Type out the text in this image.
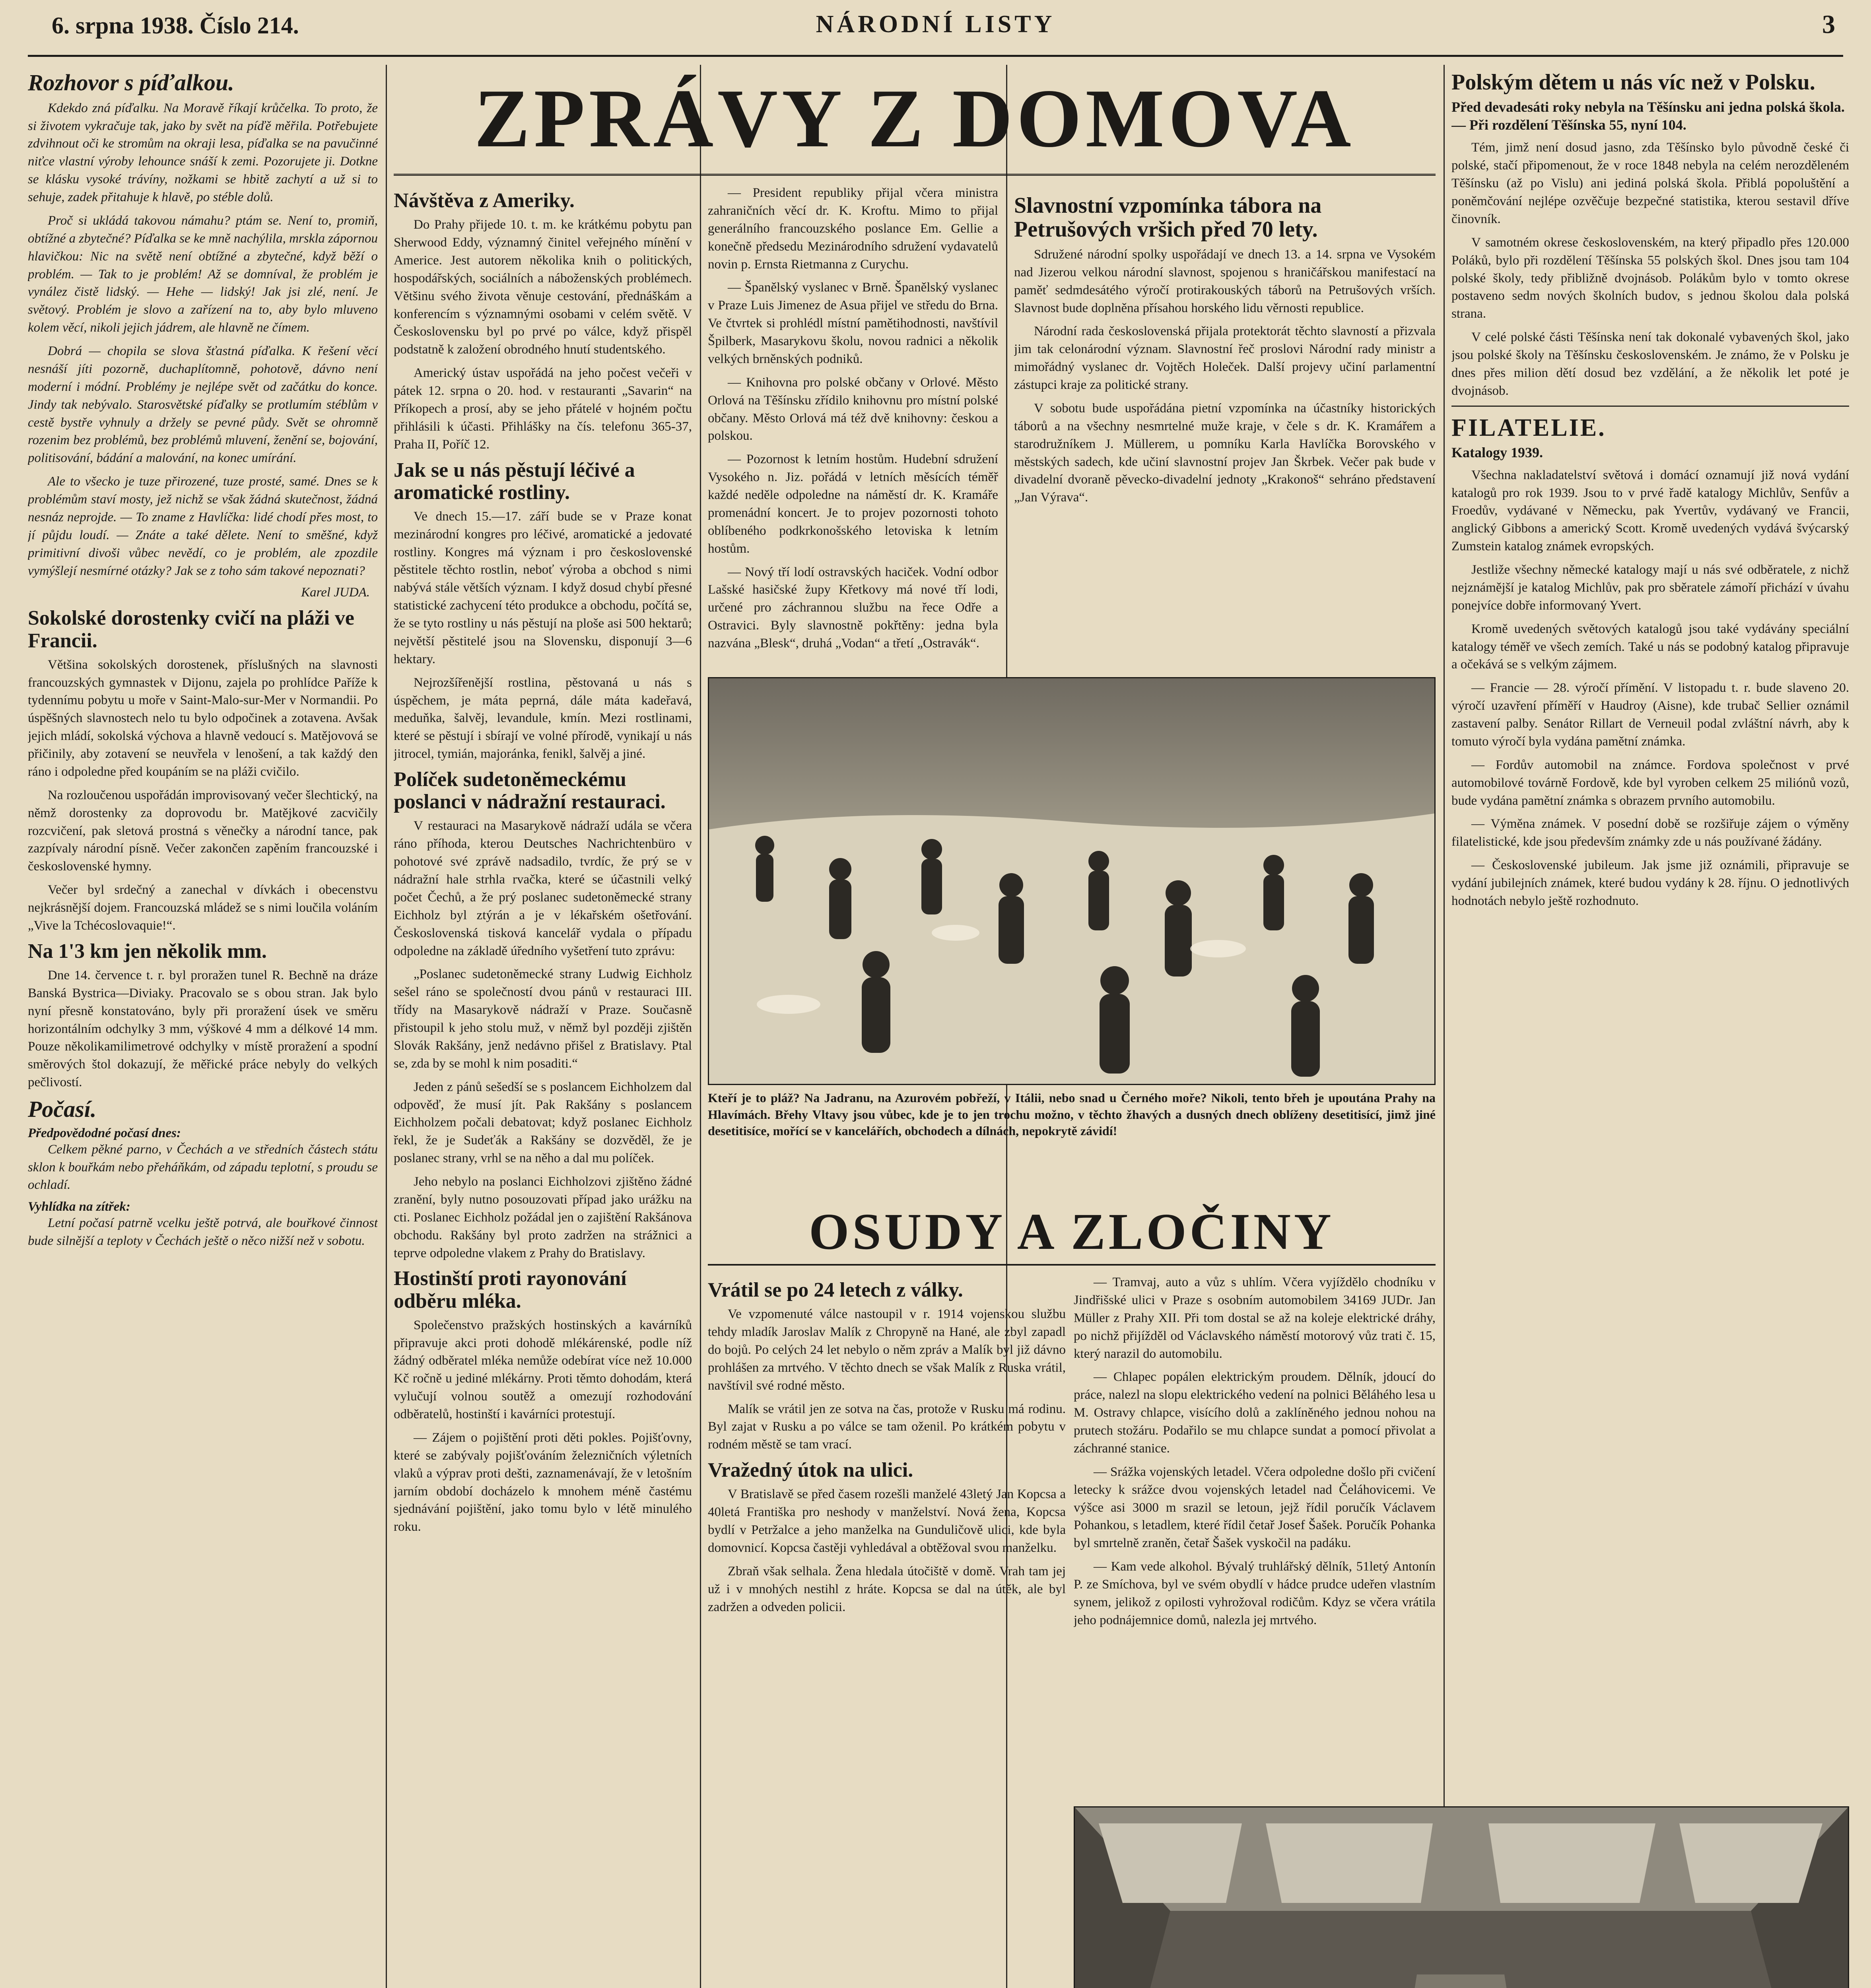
6. srpna 1938. Číslo 214.	NÁRODNÍ LISTY	3
Rozhovor s píďalkou.
Kdekdo zná píďalku. Na Moravě říkají krůčelka. To proto, že si životem vykračuje tak, jako by svět na píďě měřila. Potřebujete zdvihnout oči ke stromům na okraji lesa, píďalka se na pavučinné niťce vlastní výroby lehounce snáší k zemi. Pozorujete ji. Dotkne se klásku vysoké trávíny, nožkami se hbitě zachytí a už si to sehuje, zadek přitahuje k hlavě, po stéble dolů.
Proč si ukládá takovou námahu? ptám se. Není to, promiň, obtížné a zbytečné? Píďalka se ke mně nachýlila, mrskla zápornou hlavičkou: Nic na světě není obtížné a zbytečné, když běží o problém. — Tak to je problém! Až se domníval, že problém je vynález čistě lidský. — Hehe — lidský! Jak jsi zlé, není. Je světový. Problém je slovo a zařízení na to, aby bylo mluveno kolem věcí, nikoli jejich jádrem, ale hlavně ne čímem.
Dobrá — chopila se slova šťastná píďalka. K řešení věcí nesnáší jíti pozorně, duchaplítomně, pohotově, dávno není moderní i módní. Problémy je nejlépe svět od začátku do konce. Jindy tak nebývalo. Starosvětské píďalky se protlumím stéblům v cestě bystře vyhnuly a držely se pevné půdy. Svět se ohromně rozenim bez problémů, bez problémů mluvení, ženění se, bojování, politisování, bádání a malování, na konec umírání.
Ale to všecko je tuze přirozené, tuze prosté, samé. Dnes se k problémům staví mosty, jež nichž se však žádná skutečnost, žádná nesnáz neprojde. — To zname z Havlíčka: lidé chodí přes most, to jí půjdu loudí. — Znáte a také dělete. Není to směšné, když primitivní divoši vůbec nevědí, co je problém, ale zpozdile vymýšlejí nesmírné otázky? Jak se z toho sám takové nepoznati?
Karel JUDA.
Sokolské dorostenky cvičí na pláži ve Francii.
Většina sokolských dorostenek, příslušných na slavnosti francouzských gymnastek v Dijonu, zajela po prohlídce Paříže k tydennímu pobytu u moře v Saint-Malo-sur-Mer v Normandii. Po úspěšných slavnostech nelo tu bylo odpočinek a zotavena. Avšak jejich mládí, sokolská výchova a hlavně vedoucí s. Matějovová se přičinily, aby zotavení se neuvřela v lenošení, a tak každý den ráno i odpoledne před koupáním se na pláži cvičilo.
Na rozloučenou uspořádán improvisovaný večer šlechtický, na němž dorostenky za doprovodu br. Matějkové zacvičily rozcvičení, pak sletová prostná s věnečky a národní tance, pak zazpívaly národní písně. Večer zakončen zapěním francouzské i československé hymny.
Večer byl srdečný a zanechal v dívkách i obecenstvu nejkrásnější dojem. Francouzská mládež se s nimi loučila voláním „Vive la Tchécoslovaquie!“.
Na 1'3 km jen několik mm.
Dne 14. července t. r. byl proražen tunel R. Bechně na dráze Banská Bystrica—Diviaky. Pracovalo se s obou stran. Jak bylo nyní přesně konstatováno, byly při proražení úsek ve směru horizontálním odchylky 3 mm, výškové 4 mm a délkové 14 mm. Pouze několikamilimetrové odchylky v místě proražení a spodní směrových štol dokazují, že měřické práce nebyly do velkých pečlivostí.
Počasí.
Předpovědodné počasí dnes:
Celkem pěkné parno, v Čechách a ve středních částech státu sklon k bouřkám nebo přeháňkám, od západu teplotní, s proudu se ochladí.
Vyhlídka na zítřek:
Letní počasí patrně vcelku ještě potrvá, ale bouřkové činnost bude silnější a teploty v Čechách ještě o něco nižší než v sobotu.
ZPRÁVY Z DOMOVA
Návštěva z Ameriky.
Do Prahy přijede 10. t. m. ke krátkému pobytu pan Sherwood Eddy, významný činitel veřejného mínění v Americe. Jest autorem několika knih o politických, hospodářských, sociálních a náboženských problémech. Většinu svého života věnuje cestování, přednáškám a konferencím s významnými osobami v celém světě. V Československu byl po prvé po válce, když přispěl podstatně k založení obrodného hnutí studentského.
Americký ústav uspořádá na jeho počest večeři v pátek 12. srpna o 20. hod. v restauranti „Savarin“ na Příkopech a prosí, aby se jeho přátelé v hojném počtu přihlásili k účasti. Přihlášky na čís. telefonu 365-37, Praha II, Poříč 12.
Jak se u nás pěstují léčivé a aromatické rostliny.
Ve dnech 15.—17. září bude se v Praze konat mezinárodní kongres pro léčivé, aromatické a jedovaté rostliny. Kongres má význam i pro československé pěstitele těchto rostlin, neboť výroba a obchod s nimi nabývá stále větších význam. I když dosud chybí přesné statistické zachycení této produkce a obchodu, počítá se, že se tyto rostliny u nás pěstují na ploše asi 500 hektarů; největší pěstitelé jsou na Slovensku, disponují 3—6 hektary.
Nejrozšířenější rostlina, pěstovaná u nás s úspěchem, je máta peprná, dále máta kadeřavá, meduňka, šalvěj, levandule, kmín. Mezi rostlinami, které se pěstují i sbírají ve volné přírodě, vynikají u nás jitrocel, tymián, majoránka, fenikl, šalvěj a jiné.
Políček sudetoněmeckému poslanci v nádražní restauraci.
V restauraci na Masarykově nádraží udála se včera ráno příhoda, kterou Deutsches Nachrichtenbüro v pohotové své zprávě nadsadilo, tvrdíc, že prý se v nádražní hale strhla rvačka, které se účastnili velký počet Čechů, a že prý poslanec sudetoněmecké strany Eichholz byl ztýrán a je v lékařském ošetřování. Československá tisková kancelář vydala o případu odpoledne na základě úředního vyšetření tuto zprávu:
„Poslanec sudetoněmecké strany Ludwig Eichholz sešel ráno se společností dvou pánů v restauraci III. třídy na Masarykově nádraží v Praze. Současně přistoupil k jeho stolu muž, v němž byl později zjištěn Slovák Rakšány, jenž nedávno přišel z Bratislavy. Ptal se, zda by se mohl k nim posaditi.“
Jeden z pánů sešedší se s poslancem Eichholzem dal odpověď, že musí jít. Pak Rakšány s poslancem Eichholzem počali debatovat; když poslanec Eichholz řekl, že je Sudeťák a Rakšány se dozvěděl, že je poslanec strany, vrhl se na něho a dal mu políček.
Jeho nebylo na poslanci Eichholzovi zjištěno žádné zranění, byly nutno posouzovati případ jako urážku na cti. Poslanec Eichholz požádal jen o zajištění Rakšánova obchodu. Rakšány byl proto zadržen na strážnici a teprve odpoledne vlakem z Prahy do Bratislavy.
Hostinští proti rayonování odběru mléka.
Společenstvo pražských hostinských a kavárníků připravuje akci proti dohodě mlékárenské, podle níž žádný odběratel mléka nemůže odebírat více než 10.000 Kč ročně u jediné mlékárny. Proti těmto dohodám, která vylučují volnou soutěž a omezují rozhodování odběratelů, hostinští i kavárníci protestují.
— Zájem o pojištění proti děti pokles. Pojišťovny, které se zabývaly pojišťováním železničních výletních vlaků a výprav proti dešti, zaznamenávají, že v letošním jarním období docházelo k mnohem méně častému sjednávání pojištění, jako tomu bylo v létě minulého roku.
— President republiky přijal včera ministra zahraničních věcí dr. K. Kroftu. Mimo to přijal generálního francouzského poslance Em. Gellie a konečně předsedu Mezinárodního sdružení vydavatelů novin p. Ernsta Rietmanna z Curychu.
— Španělský vyslanec v Brně. Španělský vyslanec v Praze Luis Jimenez de Asua přijel ve středu do Brna. Ve čtvrtek si prohlédl místní pamětihodnosti, navštívil Špilberk, Masarykovu školu, novou radnici a několik velkých brněnských podniků.
— Knihovna pro polské občany v Orlové. Město Orlová na Těšínsku zřídilo knihovnu pro místní polské občany. Město Orlová má též dvě knihovny: českou a polskou.
— Pozornost k letním hostům. Hudební sdružení Vysokého n. Jiz. pořádá v letních měsících téměř každé neděle odpoledne na náměstí dr. K. Kramáře promenádní koncert. Je to projev pozornosti tohoto oblíbeného podkrkonošského letoviska k letním hostům.
— Nový tří lodí ostravských haciček. Vodní odbor Lašské hasičské župy Křetkovy má nové tří lodi, určené pro záchrannou službu na řece Odře a Ostravici. Byly slavnostně pokřtěny: jedna byla nazvána „Blesk“, druhá „Vodan“ a třetí „Ostravák“.
Slavnostní vzpomínka tábora na Petrušových vršich před 70 lety.
Sdružené národní spolky uspořádají ve dnech 13. a 14. srpna ve Vysokém nad Jizerou velkou národní slavnost, spojenou s hraničářskou manifestací na paměť sedmdesátého výročí protirakouských táborů na Petrušových vrších. Slavnost bude doplněna přísahou horského lidu věrnosti republice.
Národní rada československá přijala protektorát těchto slavností a přizvala jim tak celonárodní význam. Slavnostní řeč proslovi Národní rady ministr a mimořádný vyslanec dr. Vojtěch Holeček. Další projevy učiní parlamentní zástupci kraje za politické strany.
V sobotu bude uspořádána pietní vzpomínka na účastníky historických táborů a na všechny nesmrtelné muže kraje, v čele s dr. K. Kramářem a starodružníkem J. Müllerem, u pomníku Karla Havlíčka Borovského v městských sadech, kde učiní slavnostní projev Jan Škrbek. Večer pak bude v divadelní dvoraně pěvecko-divadelní jednoty „Krakonoš“ sehráno představení „Jan Výrava“.
Kteří je to pláž? Na Jadranu, na Azurovém pobřeží, v Itálii, nebo snad u Černého moře? Nikoli, tento břeh je upoutána Prahy na Hlavímách. Břehy Vltavy jsou vůbec, kde je to jen trochu možno, v těchto žhavých a dusných dnech oblíženy desetitisící, jimž jiné desetitisíce, mořící se v kancelářích, obchodech a dílnách, nepokrytě závidí!
OSUDY A ZLOČINY
Vrátil se po 24 letech z války.
Ve vzpomenuté válce nastoupil v r. 1914 vojenskou službu tehdy mladík Jaroslav Malík z Chropyně na Hané, ale zbyl zapadl do bojů. Po celých 24 let nebylo o něm zpráv a Malík byl již dávno prohlášen za mrtvého. V těchto dnech se však Malík z Ruska vrátil, navštívil své rodné město.
Malík se vrátil jen ze sotva na čas, protože v Rusku má rodinu. Byl zajat v Rusku a po válce se tam oženil. Po krátkém pobytu v rodném městě se tam vrací.
Vražedný útok na ulici.
V Bratislavě se před časem rozešli manželé 43letý Jan Kopcsa a 40letá Františka pro neshody v manželství. Nová žena, Kopcsa bydlí v Petržalce a jeho manželka na Gunduličově ulici, kde byla domovnicí. Kopcsa častěji vyhledával a obtěžoval svou manželku.
Zbraň však selhala. Žena hledala útočiště v domě. Vrah tam jej už i v mnohých nestihl z hráte. Kopcsa se dal na útěk, ale byl zadržen a odveden policii.
— Tramvaj, auto a vůz s uhlím. Včera vyjíždělo chodníku v Jindřišské ulici v Praze s osobním automobilem 34169 JUDr. Jan Müller z Prahy XII. Při tom dostal se až na koleje elektrické dráhy, po nichž přijížděl od Václavského náměstí motorový vůz trati č. 15, který narazil do automobilu.
— Chlapec popálen elektrickým proudem. Dělník, jdoucí do práce, nalezl na slopu elektrického vedení na polnici Běláhého lesa u M. Ostravy chlapce, visícího dolů a zaklíněného jednou nohou na prutech stožáru. Podařilo se mu chlapce sundat a pomocí přivolat a záchranné stanice.
— Srážka vojenských letadel. Včera odpoledne došlo při cvičení letecky k srážce dvou vojenských letadel nad Čeláhovicemi. Ve výšce asi 3000 m srazil se letoun, jejž řídil poručík Václavem Pohankou, s letadlem, které řídil četař Josef Šašek. Poručík Pohanka byl smrtelně zraněn, četař Šašek vyskočil na padáku.
— Kam vede alkohol. Bývalý truhlářský dělník, 51letý Antonín P. ze Smíchova, byl ve svém obydlí v hádce prudce udeřen vlastním synem, jelikož z opilosti vyhrožoval rodičům. Kdyz se včera vrátila jeho podnájemnice domů, nalezla jej mrtvého.
Polským dětem u nás víc než v Polsku.
Před devadesáti roky nebyla na Těšínsku ani jedna polská škola. — Při rozdělení Těšínska 55, nyní 104.
Tém, jimž není dosud jasno, zda Těšínsko bylo původně české či polské, stačí připomenout, že v roce 1848 nebyla na celém nerozděleném Těšínsku (až po Vislu) ani jediná polská škola. Přiblá popoluštění a poněmčování nejlépe ozvěčuje bezpečné statistika, kterou sestavil dříve činovník.
V samotném okrese československém, na který připadlo přes 120.000 Poláků, bylo při rozdělení Těšínska 55 polských škol. Dnes jsou tam 104 polské školy, tedy přibližně dvojnásob. Polákům bylo v tomto okrese postaveno sedm nových školních budov, s jednou školou dala polská strana.
V celé polské části Těšínska není tak dokonalé vybavených škol, jako jsou polské školy na Těšínsku československém. Je známo, že v Polsku je dnes přes milion dětí dosud bez vzdělání, a že několik let poté je dvojnásob.
FILATELIE.
Katalogy 1939.
Všechna nakladatelství světová i domácí oznamují již nová vydání katalogů pro rok 1939. Jsou to v prvé řadě katalogy Michlův, Senfův a Froedův, vydávané v Německu, pak Yvertův, vydávaný ve Francii, anglický Gibbons a americký Scott. Kromě uvedených vydává švýcarský Zumstein katalog známek evropských.
Jestliže všechny německé katalogy mají u nás své odběratele, z nichž nejznámější je katalog Michlův, pak pro sběratele zámoří přichází v úvahu ponejvíce dobře informovaný Yvert.
Kromě uvedených světových katalogů jsou také vydávány speciální katalogy téměř ve všech zemích. Také u nás se podobný katalog připravuje a očekává se s velkým zájmem.
— Francie — 28. výročí přímění. V listopadu t. r. bude slaveno 20. výročí uzavření příměří v Haudroy (Aisne), kde trubač Sellier oznámil zastavení palby. Senátor Rillart de Verneuil podal zvláštní návrh, aby k tomuto výročí byla vydána pamětní známka.
— Fordův automobil na známce. Fordova společnost v prvé automobilové továrně Fordově, kde byl vyroben celkem 25 miliónů vozů, bude vydána pamětní známka s obrazem prvního automobilu.
— Výměna známek. V posední době se rozšiřuje zájem o výměny filatelistické, kde jsou především známky zde u nás používané žádány.
— Československé jubileum. Jak jsme již oznámili, připravuje se vydání jubilejních známek, které budou vydány k 28. říjnu. O jednotlivých hodnotách nebylo ještě rozhodnuto.
